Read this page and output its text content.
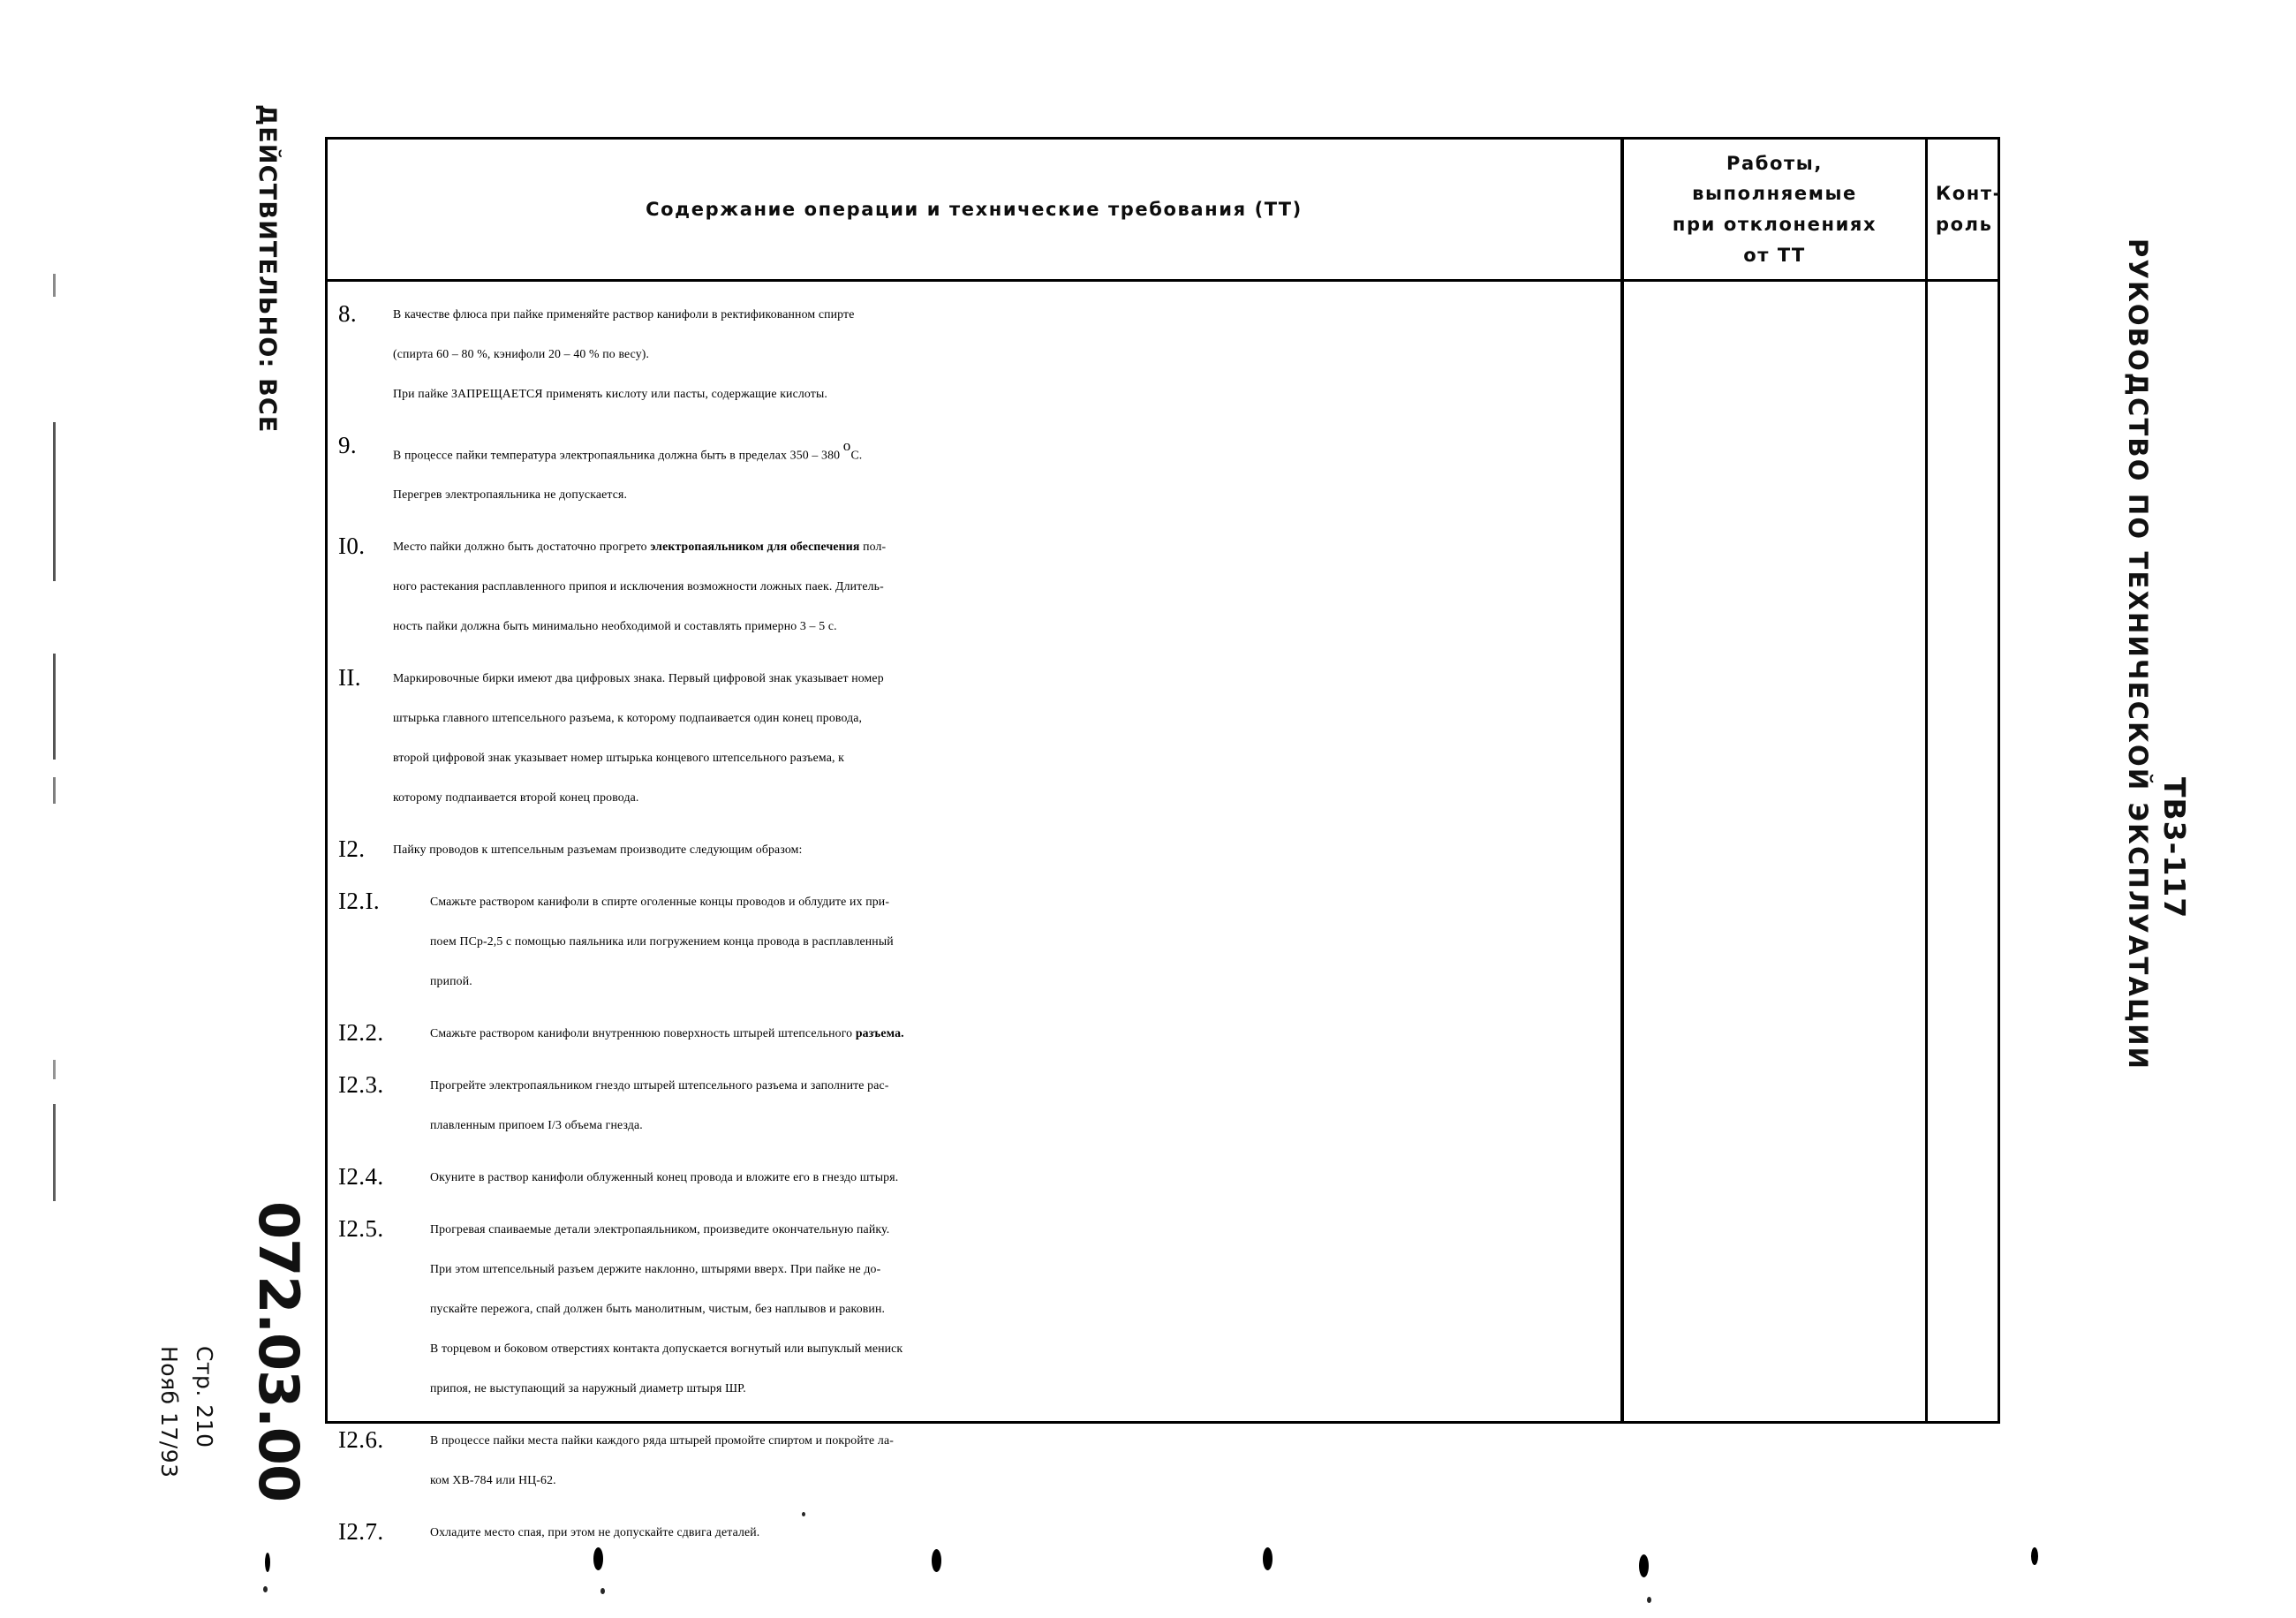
ДЕЙСТВИТЕЛЬНО: ВСЕ
072.03.00
Стр. 210
Нояб 17/93
РУКОВОДСТВО ПО ТЕХНИЧЕСКОЙ ЭКСПЛУАТАЦИИ ТВ3-117
Содержание операции и технические требования (ТТ)
Работы,
выполняемые
при отклонениях
от ТТ
Конт-
роль
8.	В качестве флюса при пайке применяйте раствор канифоли в ректификованном спирте

(спирта 60 – 80 %, кэнифоли 20 – 40 % по весу).

При пайке ЗАПРЕЩАЕТСЯ применять кислоту или пасты, содержащие кислоты.

9.	В процессе пайки температура электропаяльника должна быть в пределах 350 – 380 $^o$С.

Перегрев электропаяльника не допускается.

I0.	Место пайки должно быть достаточно прогрето электропаяльником для обеспечения пол-

ного растекания расплавленного припоя и исключения возможности ложных паек. Длитель-

ность пайки должна быть минимально необходимой и составлять примерно 3 – 5 с.

II.	Маркировочные бирки имеют два цифровых знака. Первый цифровой знак указывает номер

штырька главного штепсельного разъема, к которому подпаивается один конец провода,

второй цифровой знак указывает номер штырька концевого штепсельного разъема, к

которому подпаивается второй конец провода.

I2.	Пайку проводов к штепсельным разъемам производите следующим образом:

I2.I.	Смажьте раствором канифоли в спирте оголенные концы проводов и облудите их при-

поем ПСр-2,5 с помощью паяльника или погружением конца провода в расплавленный

припой.

I2.2.	Смажьте раствором канифоли внутреннюю поверхность штырей штепсельного разъема.

I2.3.	Прогрейте электропаяльником гнездо штырей штепсельного разъема и заполните рас-

плавленным припоем I/3 объема гнезда.

I2.4.	Окуните в раствор канифоли облуженный конец провода и вложите его в гнездо штыря.

I2.5.	Прогревая спаиваемые детали электропаяльником, произведите окончательную пайку.

При этом штепсельный разъем держите наклонно, штырями вверх. При пайке не до-

пускайте пережога, спай должен быть манолитным, чистым, без наплывов и раковин.

В торцевом и боковом отверстиях контакта допускается вогнутый или выпуклый мениск

припоя, не выступающий за наружный диаметр штыря ШР.

I2.6.	В процессе пайки места пайки каждого ряда штырей промойте спиртом и покройте ла-

ком ХВ-784 или НЦ-62.

I2.7.	Охладите место спая, при этом не допускайте сдвига деталей.
